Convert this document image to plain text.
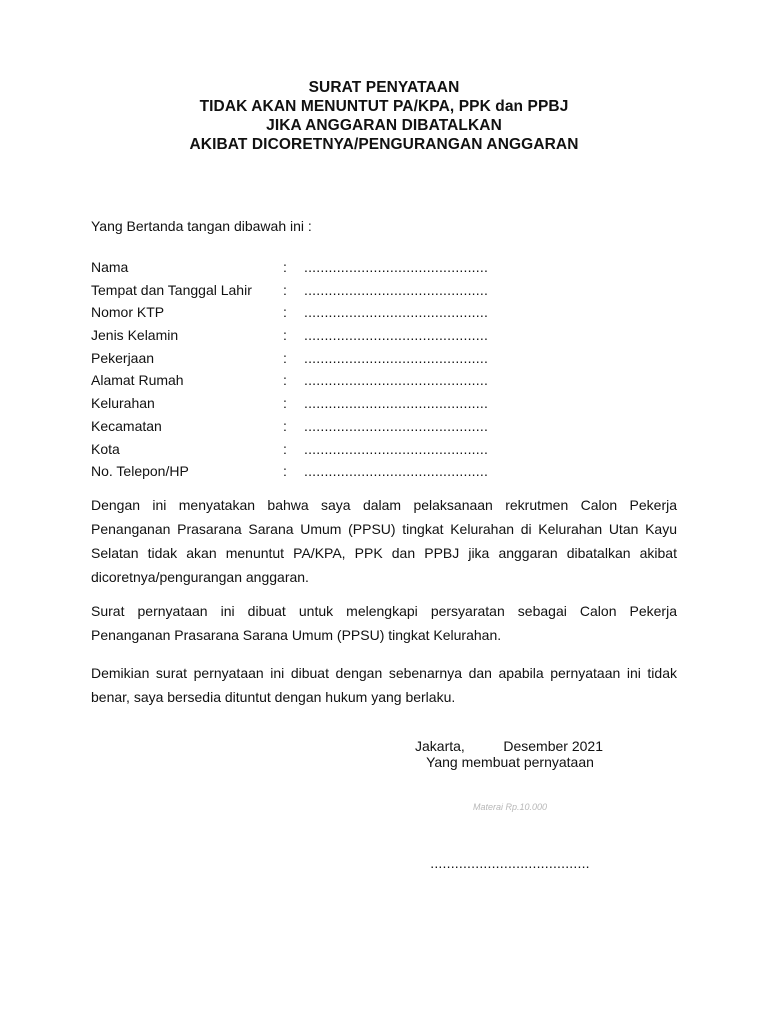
SURAT PENYATAAN
TIDAK AKAN MENUNTUT PA/KPA, PPK dan PPBJ
JIKA ANGGARAN DIBATALKAN
AKIBAT DICORETNYA/PENGURANGAN ANGGARAN
Yang Bertanda tangan dibawah ini :
Nama	: .............................................
Tempat dan Tanggal Lahir : .............................................
Nomor KTP	: .............................................
Jenis Kelamin	: .............................................
Pekerjaan	: .............................................
Alamat Rumah	: .............................................
Kelurahan	: .............................................
Kecamatan	: .............................................
Kota	: .............................................
No. Telepon/HP	: .............................................
Dengan ini menyatakan bahwa saya dalam pelaksanaan rekrutmen Calon Pekerja Penanganan Prasarana Sarana Umum (PPSU) tingkat Kelurahan di Kelurahan Utan Kayu Selatan tidak akan menuntut PA/KPA, PPK dan PPBJ jika anggaran dibatalkan akibat dicoretnya/pengurangan anggaran.
Surat pernyataan ini dibuat untuk melengkapi persyaratan sebagai Calon Pekerja Penanganan Prasarana Sarana Umum (PPSU) tingkat Kelurahan.
Demikian surat pernyataan ini dibuat dengan sebenarnya dan apabila pernyataan ini tidak benar, saya bersedia dituntut dengan hukum yang berlaku.
Jakarta,	Desember 2021
Yang membuat pernyataan
Materai Rp.10.000
.......................................
